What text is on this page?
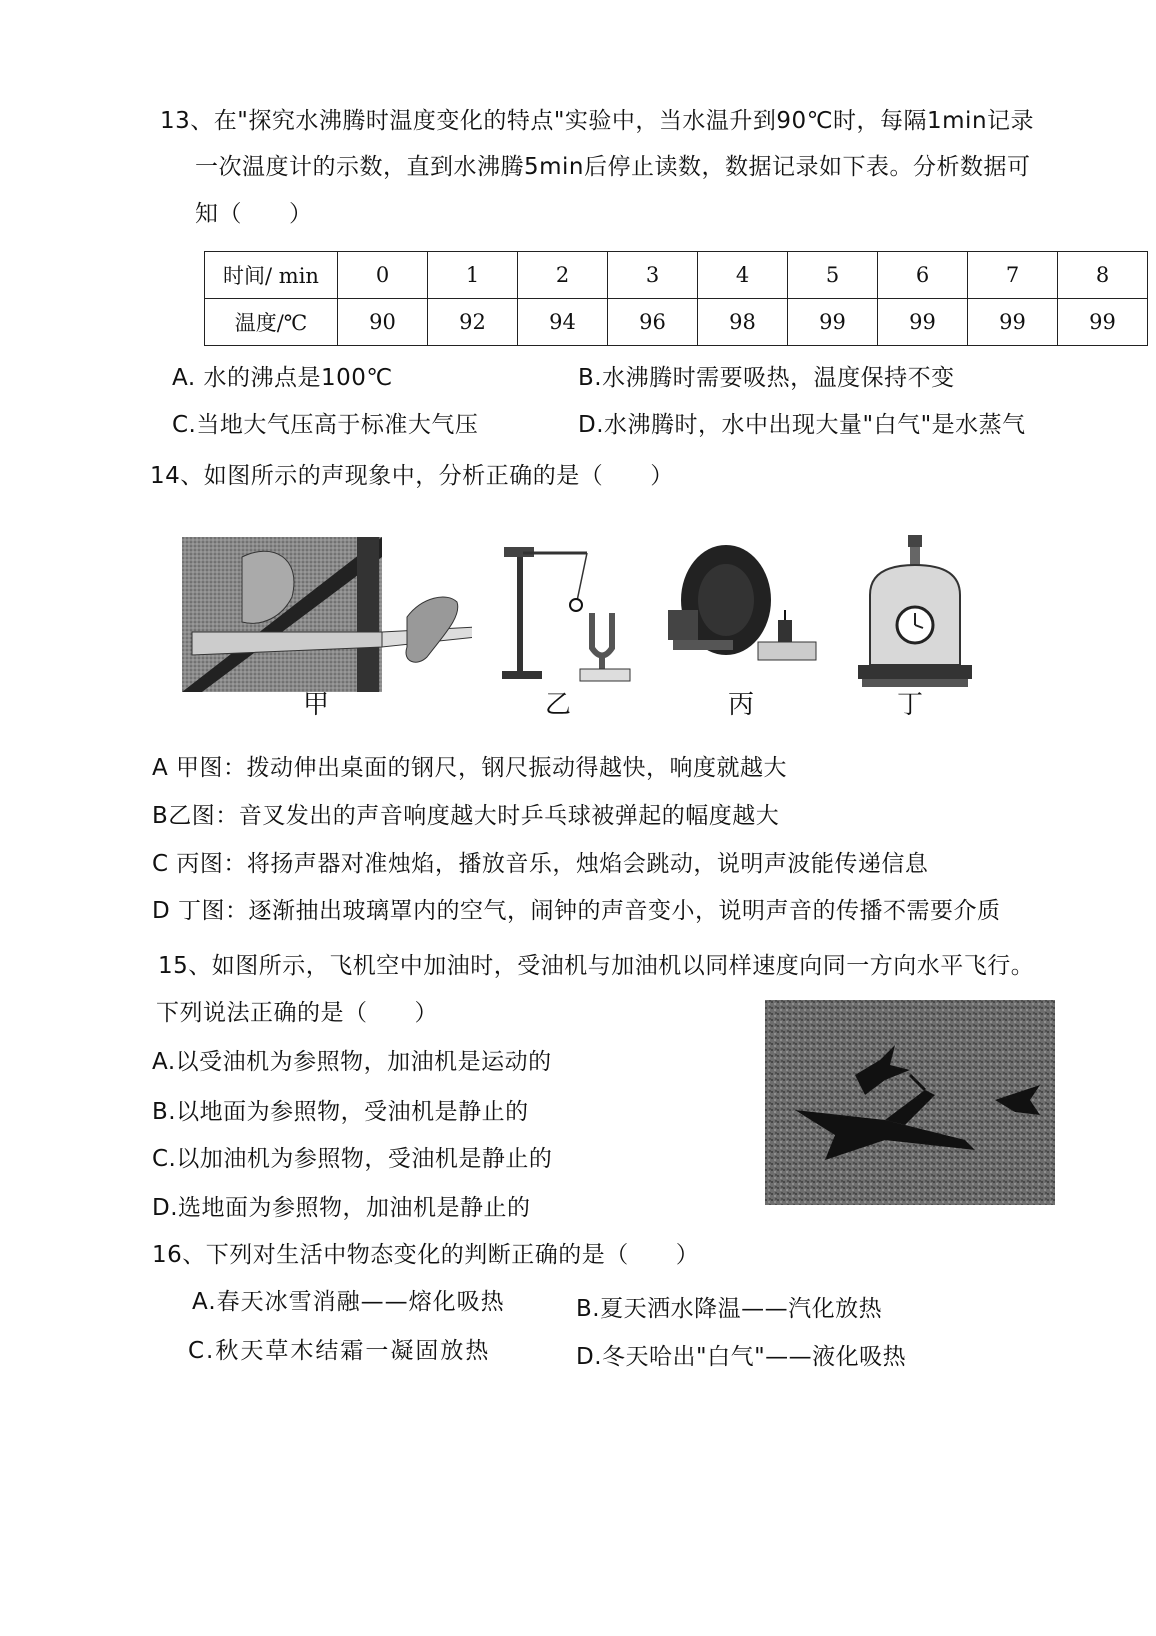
13、在"探究水沸腾时温度变化的特点"实验中，当水温升到90℃时，每隔1min记录
一次温度计的示数，直到水沸腾5min后停止读数，数据记录如下表。分析数据可
知（　　）
时间/ min	0	1	2	3	4	5	6	7	8
温度/℃	90	92	94	96	98	99	99	99	99
A. 水的沸点是100℃	B.水沸腾时需要吸热，温度保持不变
C.当地大气压高于标准大气压	D.水沸腾时，水中出现大量"白气"是水蒸气
14、如图所示的声现象中，分析正确的是（　　）
甲	乙	丙	丁
A 甲图：拨动伸出桌面的钢尺，钢尺振动得越快，响度就越大
B乙图：音叉发出的声音响度越大时乒乓球被弹起的幅度越大
C 丙图：将扬声器对准烛焰，播放音乐，烛焰会跳动，说明声波能传递信息
D 丁图：逐渐抽出玻璃罩内的空气，闹钟的声音变小，说明声音的传播不需要介质
15、如图所示，飞机空中加油时，受油机与加油机以同样速度向同一方向水平飞行。
下列说法正确的是（　　）
A.以受油机为参照物，加油机是运动的
B.以地面为参照物，受油机是静止的
C.以加油机为参照物，受油机是静止的
D.选地面为参照物，加油机是静止的
16、下列对生活中物态变化的判断正确的是（　　）
A.春天冰雪消融——熔化吸热	B.夏天洒水降温——汽化放热
C.秋天草木结霜一凝固放热	D.冬天哈出"白气"——液化吸热
